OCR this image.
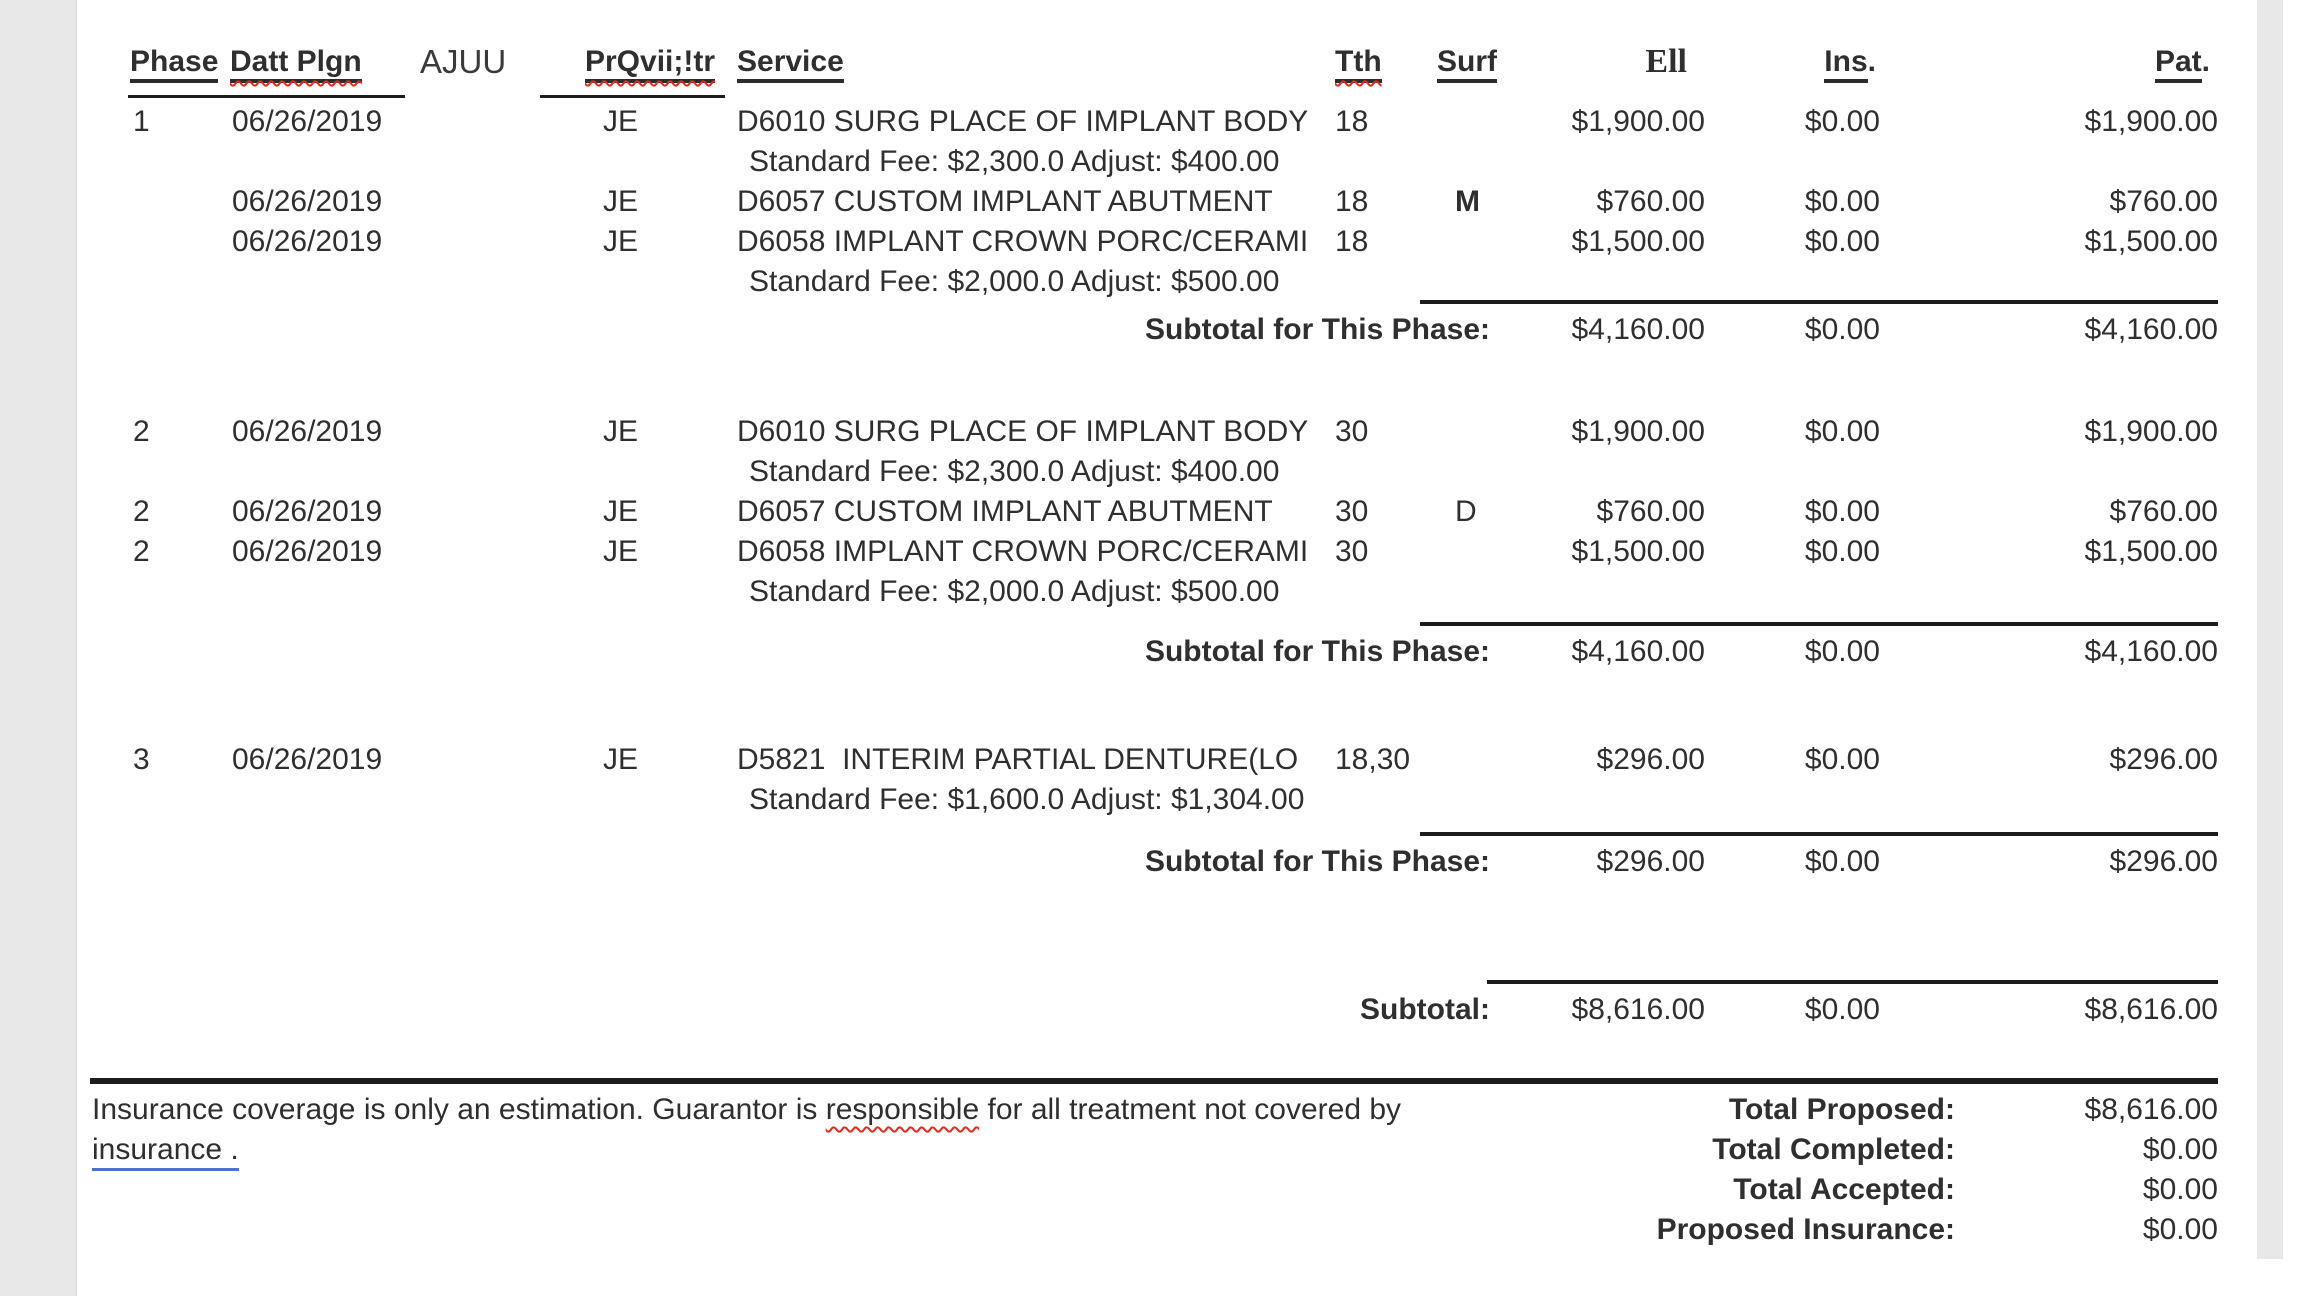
Phase Datt Plgn	AJUU	PrQvii;!tr Service	Tth	Surf	Ell	Ins.	Pat.
1	06/26/2019	JE	D6010 SURG PLACE OF IMPLANT BODY 18	$1,900.00	$0.00	$1,900.00
Standard Fee: $2,300.0 Adjust: $400.00
06/26/2019	JE	D6057 CUSTOM IMPLANT ABUTMENT	18	M	$760.00	$0.00	$760.00
06/26/2019	JE	D6058 IMPLANT CROWN PORC/CERAMI 18	$1,500.00	$0.00	$1,500.00
Standard Fee: $2,000.0 Adjust: $500.00
Subtotal for This Phase:	$4,160.00	$0.00	$4,160.00
2	06/26/2019	JE	D6010 SURG PLACE OF IMPLANT BODY 30	$1,900.00	$0.00	$1,900.00
Standard Fee: $2,300.0 Adjust: $400.00
2	06/26/2019	JE	D6057 CUSTOM IMPLANT ABUTMENT	30	D	$760.00	$0.00	$760.00
2	06/26/2019	JE	D6058 IMPLANT CROWN PORC/CERAMI 30	$1,500.00	$0.00	$1,500.00
Standard Fee: $2,000.0 Adjust: $500.00
Subtotal for This Phase:	$4,160.00	$0.00	$4,160.00
3	06/26/2019	JE	D5821  INTERIM PARTIAL DENTURE(LO	18,30	$296.00	$0.00	$296.00
Standard Fee: $1,600.0 Adjust: $1,304.00
Subtotal for This Phase:	$296.00	$0.00	$296.00
Subtotal:	$8,616.00	$0.00	$8,616.00
Insurance coverage is only an estimation. Guarantor is responsible for all treatment not covered by
insurance .
Total Proposed:	$8,616.00
Total Completed:	$0.00
Total Accepted:	$0.00
Proposed Insurance:	$0.00
